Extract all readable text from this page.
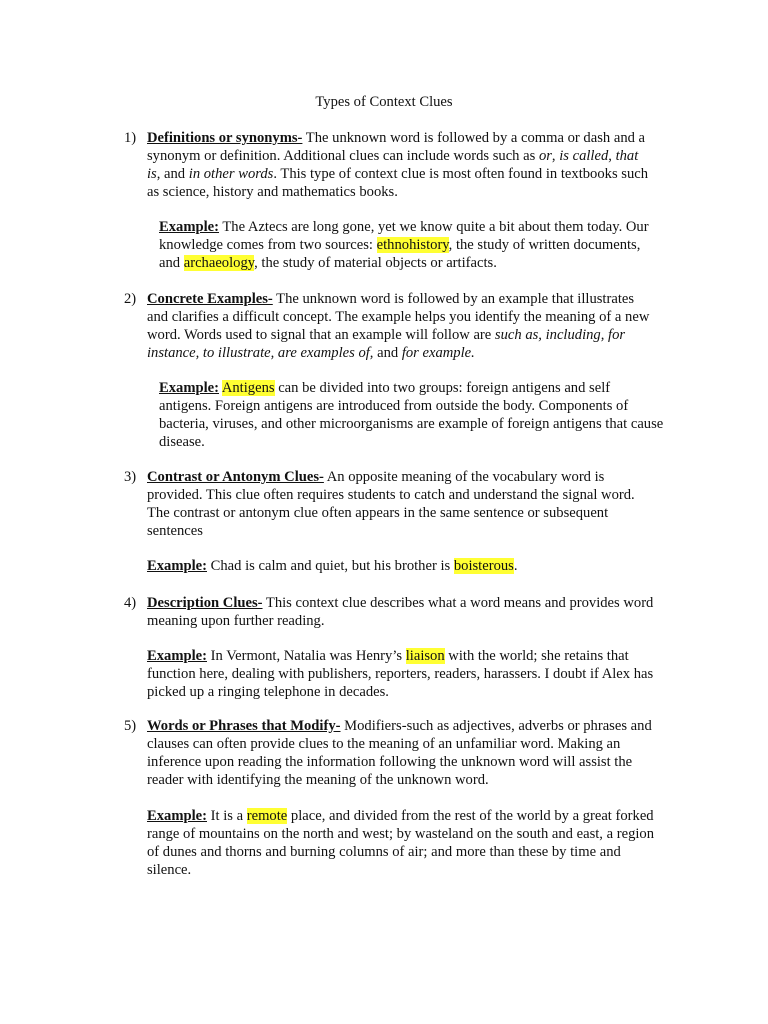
Types of Context Clues
1) Definitions or synonyms- The unknown word is followed by a comma or dash and a synonym or definition. Additional clues can include words such as or, is called, that is, and in other words. This type of context clue is most often found in textbooks such as science, history and mathematics books.
Example: The Aztecs are long gone, yet we know quite a bit about them today. Our knowledge comes from two sources: ethnohistory, the study of written documents, and archaeology, the study of material objects or artifacts.
2) Concrete Examples- The unknown word is followed by an example that illustrates and clarifies a difficult concept. The example helps you identify the meaning of a new word. Words used to signal that an example will follow are such as, including, for instance, to illustrate, are examples of, and for example.
Example: Antigens can be divided into two groups: foreign antigens and self antigens. Foreign antigens are introduced from outside the body. Components of bacteria, viruses, and other microorganisms are example of foreign antigens that cause disease.
3) Contrast or Antonym Clues- An opposite meaning of the vocabulary word is provided. This clue often requires students to catch and understand the signal word. The contrast or antonym clue often appears in the same sentence or subsequent sentences
Example: Chad is calm and quiet, but his brother is boisterous.
4) Description Clues- This context clue describes what a word means and provides word meaning upon further reading.
Example: In Vermont, Natalia was Henry’s liaison with the world; she retains that function here, dealing with publishers, reporters, readers, harassers. I doubt if Alex has picked up a ringing telephone in decades.
5) Words or Phrases that Modify- Modifiers-such as adjectives, adverbs or phrases and clauses can often provide clues to the meaning of an unfamiliar word. Making an inference upon reading the information following the unknown word will assist the reader with identifying the meaning of the unknown word.
Example: It is a remote place, and divided from the rest of the world by a great forked range of mountains on the north and west; by wasteland on the south and east, a region of dunes and thorns and burning columns of air; and more than these by time and silence.
